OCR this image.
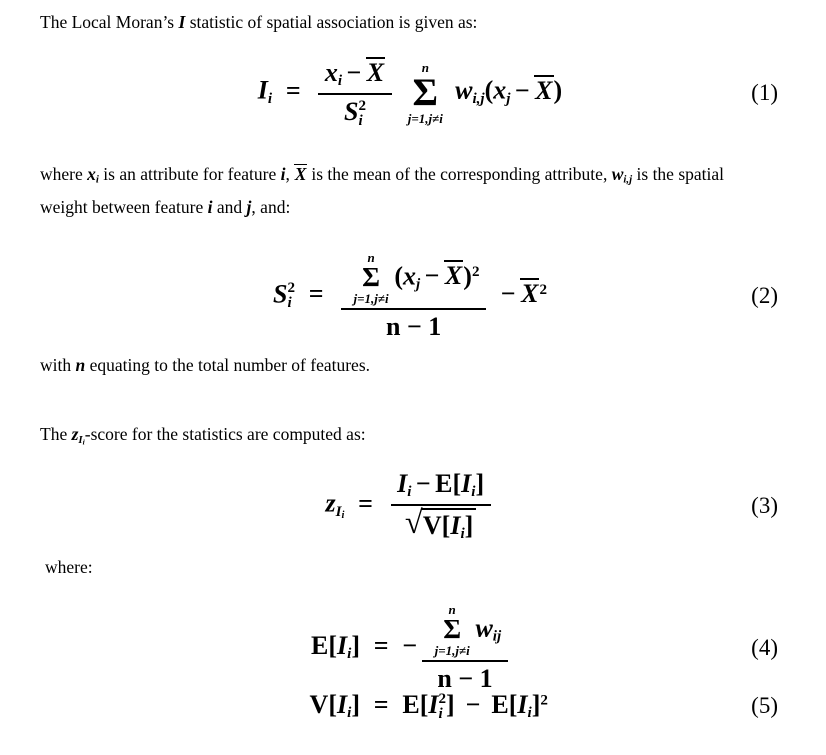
The Local Moran’s I statistic of spatial association is given as:
$I_i = x_i - X$
S 2
i
n
Σ
j=1,j≠i
$w_{i,j}(x_j - X)$	(1)
where xi is an attribute for feature i, X is the mean of the corresponding attribute, wi,j is the spatial
weight between feature i and j, and:
S 2
i = n
Σ
j=1,j≠i
$(x_j - X)^2$
$n - 1 - X^2$	(2)
with n equating to the total number of features.
The zIi-score for the statistics are computed as:
$z_{Ii} = \frac{I_i - E[I_i]}{√ V[I_i]}$	(3)
where:
$E[I_i]$ = − n
Σ
j=1,j≠i
$w_{ij}$
n − 1	(4)
$V[I_i] = E[I$ 2
i ] − $E[I_i]^2$	(5)
